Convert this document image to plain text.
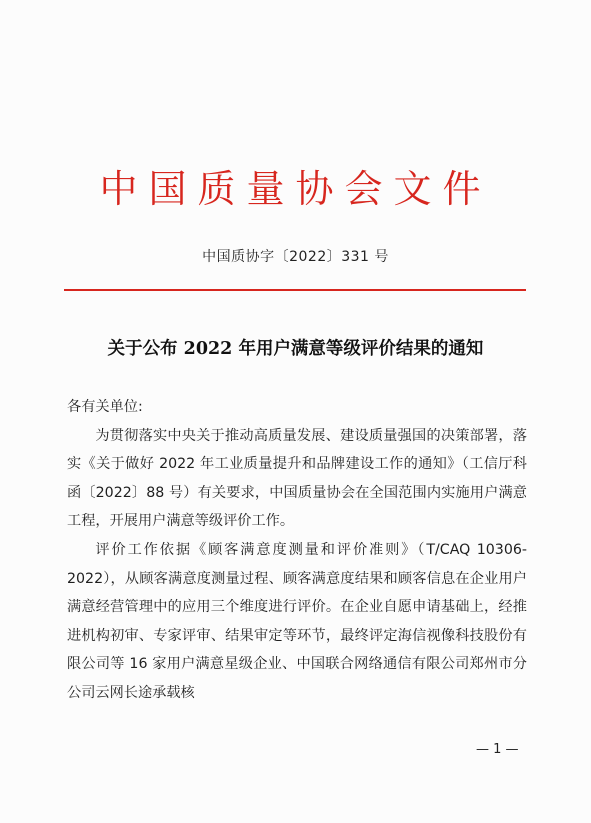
中国质量协会文件
中国质协字〔2022〕331 号
关于公布 2022 年用户满意等级评价结果的通知
各有关单位:
为贯彻落实中央关于推动高质量发展、建设质量强国的决策部署，落实《关于做好 2022 年工业质量提升和品牌建设工作的通知》（工信厅科函〔2022〕88 号）有关要求，中国质量协会在全国范围内实施用户满意工程，开展用户满意等级评价工作。
评价工作依据《顾客满意度测量和评价准则》（T/CAQ 10306-2022），从顾客满意度测量过程、顾客满意度结果和顾客信息在企业用户满意经营管理中的应用三个维度进行评价。在企业自愿申请基础上，经推进机构初审、专家评审、结果审定等环节，最终评定海信视像科技股份有限公司等 16 家用户满意星级企业、中国联合网络通信有限公司郑州市分公司云网长途承载核
— 1 —
